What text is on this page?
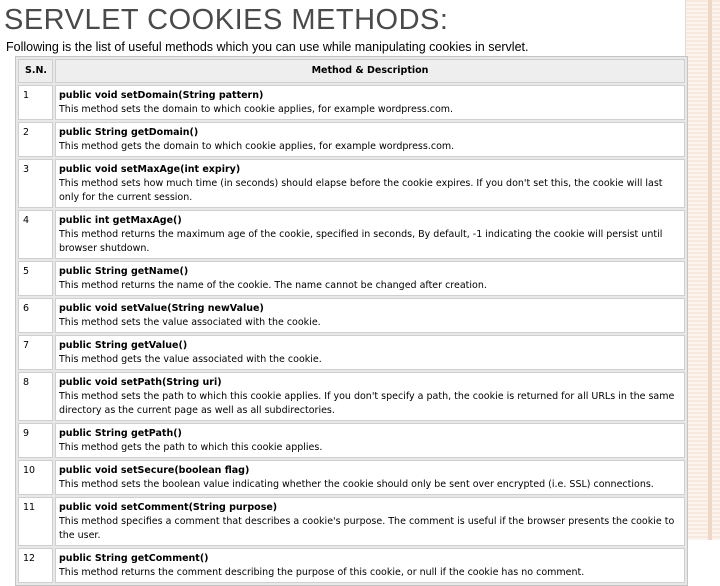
SERVLET COOKIES METHODS:
Following is the list of useful methods which you can use while manipulating cookies in servlet.
S.N.	Method & Description
1	public void setDomain(String pattern)
This method sets the domain to which cookie applies, for example wordpress.com.

2	public String getDomain()
This method gets the domain to which cookie applies, for example wordpress.com.

3	public void setMaxAge(int expiry)
This method sets how much time (in seconds) should elapse before the cookie expires. If you don't set this, the cookie will last only for the current session.

4	public int getMaxAge()
This method returns the maximum age of the cookie, specified in seconds, By default, -1 indicating the cookie will persist until browser shutdown.

5	public String getName()
This method returns the name of the cookie. The name cannot be changed after creation.

6	public void setValue(String newValue)
This method sets the value associated with the cookie.

7	public String getValue()
This method gets the value associated with the cookie.

8	public void setPath(String uri)
This method sets the path to which this cookie applies. If you don't specify a path, the cookie is returned for all URLs in the same directory as the current page as well as all subdirectories.

9	public String getPath()
This method gets the path to which this cookie applies.

10	public void setSecure(boolean flag)
This method sets the boolean value indicating whether the cookie should only be sent over encrypted (i.e. SSL) connections.

11	public void setComment(String purpose)
This method specifies a comment that describes a cookie's purpose. The comment is useful if the browser presents the cookie to the user.

12	public String getComment()
This method returns the comment describing the purpose of this cookie, or null if the cookie has no comment.
